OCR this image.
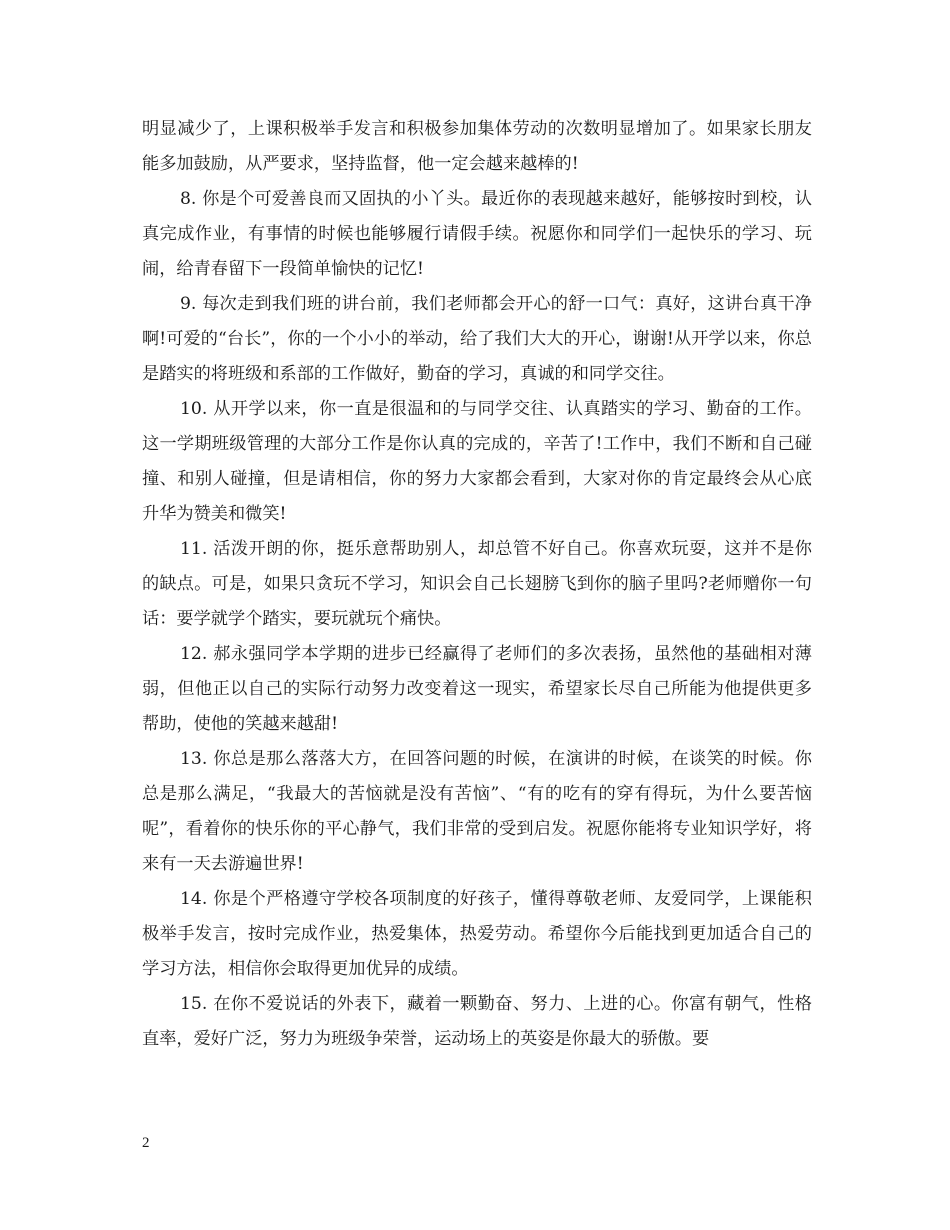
明显减少了，上课积极举手发言和积极参加集体劳动的次数明显增加了。如果家长朋友能多加鼓励，从严要求，坚持监督，他一定会越来越棒的!

8. 你是个可爱善良而又固执的小丫头。最近你的表现越来越好，能够按时到校，认真完成作业，有事情的时候也能够履行请假手续。祝愿你和同学们一起快乐的学习、玩闹，给青春留下一段简单愉快的记忆!

9. 每次走到我们班的讲台前，我们老师都会开心的舒一口气：真好，这讲台真干净啊!可爱的“台长”，你的一个小小的举动，给了我们大大的开心，谢谢!从开学以来，你总是踏实的将班级和系部的工作做好，勤奋的学习，真诚的和同学交往。

10. 从开学以来，你一直是很温和的与同学交往、认真踏实的学习、勤奋的工作。 这一学期班级管理的大部分工作是你认真的完成的，辛苦了!工作中，我们不断和自己碰撞、和别人碰撞，但是请相信，你的努力大家都会看到，大家对你的肯定最终会从心底升华为赞美和微笑!

11. 活泼开朗的你，挺乐意帮助别人，却总管不好自己。你喜欢玩耍，这并不是你的缺点。可是，如果只贪玩不学习，知识会自己长翅膀飞到你的脑子里吗?老师赠你一句话：要学就学个踏实，要玩就玩个痛快。

12. 郝永强同学本学期的进步已经赢得了老师们的多次表扬，虽然他的基础相对薄弱，但他正以自己的实际行动努力改变着这一现实，希望家长尽自己所能为他提供更多帮助，使他的笑越来越甜!

13. 你总是那么落落大方，在回答问题的时候，在演讲的时候，在谈笑的时候。你总是那么满足，“我最大的苦恼就是没有苦恼”、“有的吃有的穿有得玩，为什么要苦恼呢”，看着你的快乐你的平心静气，我们非常的受到启发。祝愿你能将专业知识学好，将来有一天去游遍世界!

14. 你是个严格遵守学校各项制度的好孩子，懂得尊敬老师、友爱同学，上课能积极举手发言，按时完成作业，热爱集体，热爱劳动。希望你今后能找到更加适合自己的学习方法，相信你会取得更加优异的成绩。

15. 在你不爱说话的外表下，藏着一颗勤奋、努力、上进的心。你富有朝气，性格直率，爱好广泛，努力为班级争荣誉，运动场上的英姿是你最大的骄傲。要

2
